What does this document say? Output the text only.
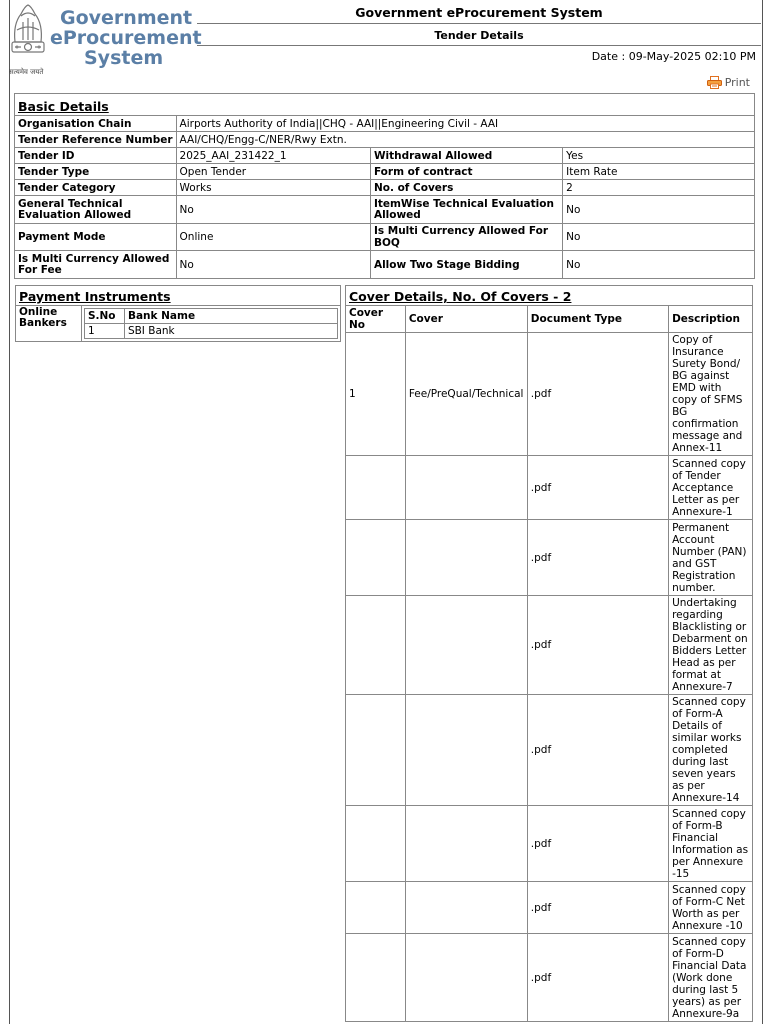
सत्यमेव जयते
Government
eProcurement
System
Government eProcurement System
Tender Details
Date : 09-May-2025 02:10 PM
Print
Basic Details			
Organisation Chain	Airports Authority of India||CHQ - AAI||Engineering Civil - AAI		
Tender Reference Number	AAI/CHQ/Engg-C/NER/Rwy Extn.		
Tender ID	2025_AAI_231422_1	Withdrawal Allowed	Yes
Tender Type	Open Tender	Form of contract	Item Rate
Tender Category	Works	No. of Covers	2
General Technical Evaluation Allowed	No	ItemWise Technical Evaluation Allowed	No
Payment Mode	Online	Is Multi Currency Allowed For BOQ	No
Is Multi Currency Allowed For Fee	No	Allow Two Stage Bidding	No
Payment Instruments
Online Bankers	
S.No	Bank Name
1	SBI Bank
Cover Details, No. Of Covers - 2			
Cover No	Cover	Document Type	Description
1	Fee/PreQual/Technical	.pdf	Copy of Insurance Surety Bond/ BG against EMD with copy of SFMS BG confirmation message and Annex-11
		.pdf	Scanned copy of Tender Acceptance Letter as per Annexure-1
		.pdf	Permanent Account Number (PAN) and GST Registration number.
		.pdf	Undertaking regarding Blacklisting or Debarment on Bidders Letter Head as per format at Annexure-7
		.pdf	Scanned copy of Form-A Details of similar works completed during last seven years as per Annexure-14
		.pdf	Scanned copy of Form-B Financial Information as per Annexure -15
		.pdf	Scanned copy of Form-C Net Worth as per Annexure -10
		.pdf	Scanned copy of Form-D Financial Data (Work done during last 5 years) as per Annexure-9a
